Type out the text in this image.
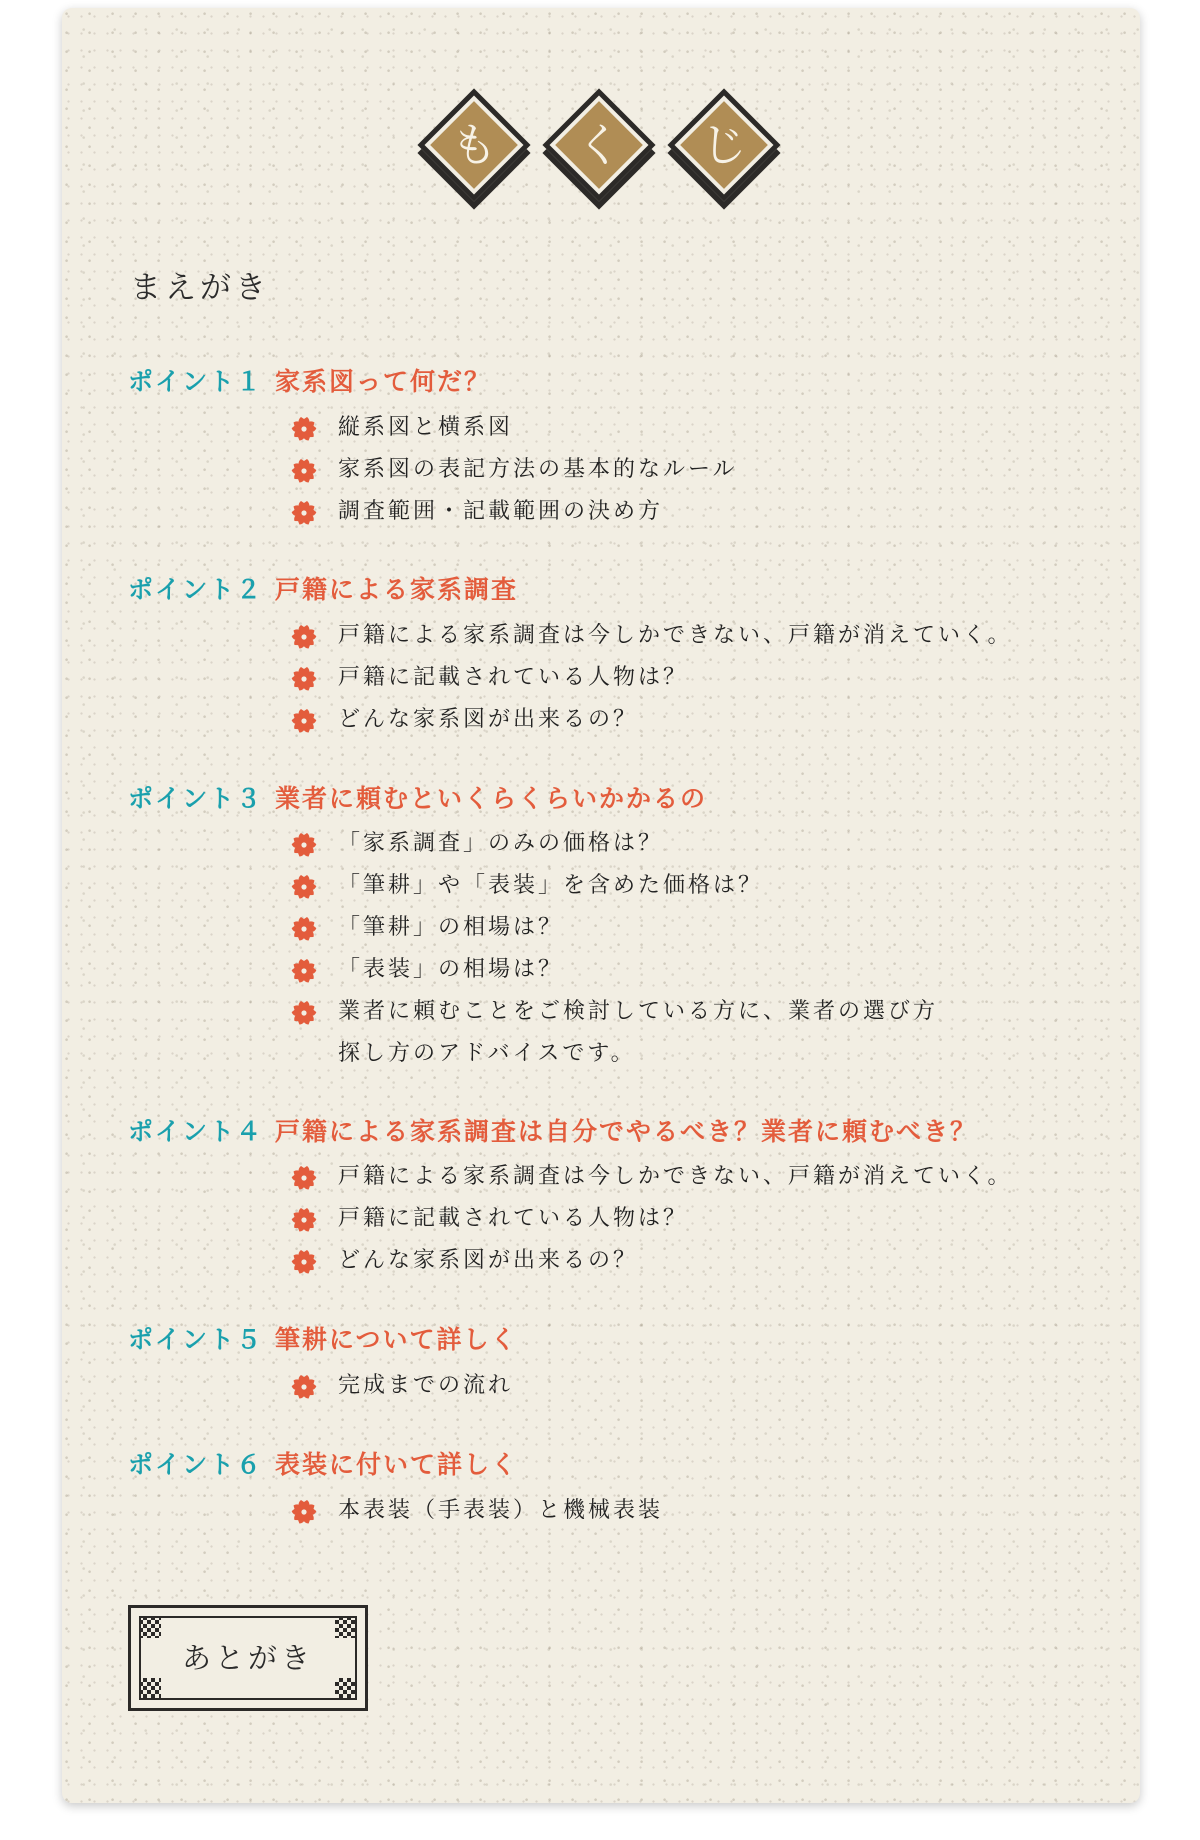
も	く	じ
まえがき
ポイント１ 家系図って何だ？
縦系図と横系図
家系図の表記方法の基本的なルール
調査範囲・記載範囲の決め方
ポイント２ 戸籍による家系調査
戸籍による家系調査は今しかできない、戸籍が消えていく。
戸籍に記載されている人物は？
どんな家系図が出来るの？
ポイント３ 業者に頼むといくらくらいかかるの
「家系調査」のみの価格は？
「筆耕」や「表装」を含めた価格は？
「筆耕」の相場は？
「表装」の相場は？
業者に頼むことをご検討している方に、業者の選び方
探し方のアドバイスです。
ポイント４ 戸籍による家系調査は自分でやるべき？業者に頼むべき？
戸籍による家系調査は今しかできない、戸籍が消えていく。
戸籍に記載されている人物は？
どんな家系図が出来るの？
ポイント５ 筆耕について詳しく
完成までの流れ
ポイント６ 表装に付いて詳しく
本表装（手表装）と機械表装
あとがき
